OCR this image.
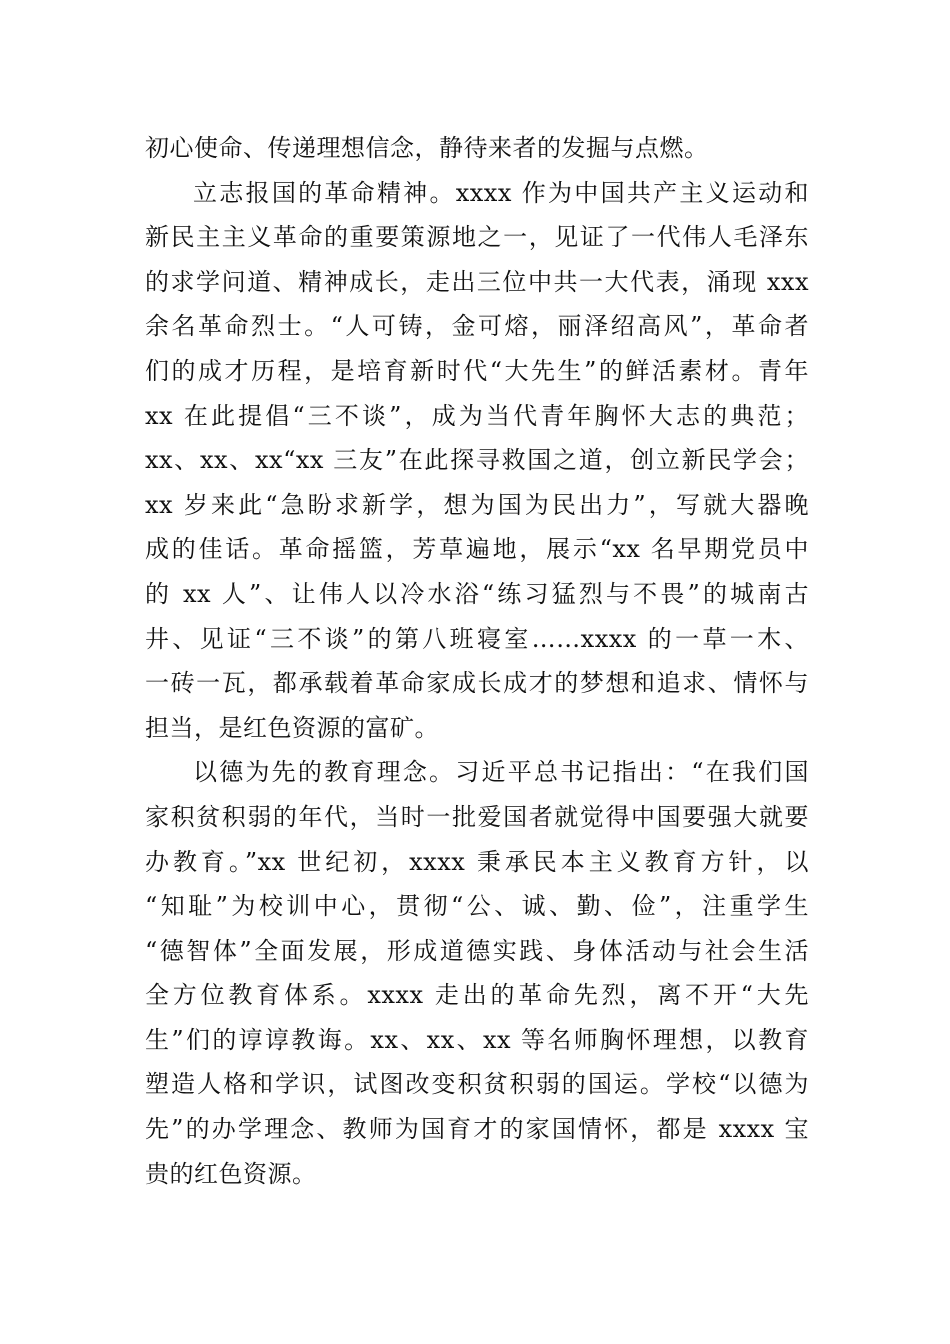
初心使命、传递理想信念，静待来者的发掘与点燃。
立志报国的革命精神。xxxx 作为中国共产主义运动和
新民主主义革命的重要策源地之一，见证了一代伟人毛泽东
的求学问道、精神成长，走出三位中共一大代表，涌现 xxx
余名革命烈士。“人可铸，金可熔，丽泽绍高风”，革命者
们的成才历程，是培育新时代“大先生”的鲜活素材。青年
xx 在此提倡“三不谈”，成为当代青年胸怀大志的典范；
xx、xx、xx“xx 三友”在此探寻救国之道，创立新民学会；
xx 岁来此“急盼求新学，想为国为民出力”，写就大器晚
成的佳话。革命摇篮，芳草遍地，展示“xx 名早期党员中
的 xx 人”、让伟人以冷水浴“练习猛烈与不畏”的城南古
井、见证“三不谈”的第八班寝室……xxxx 的一草一木、
一砖一瓦，都承载着革命家成长成才的梦想和追求、情怀与
担当，是红色资源的富矿。
以德为先的教育理念。习近平总书记指出：“在我们国
家积贫积弱的年代，当时一批爱国者就觉得中国要强大就要
办教育。”xx 世纪初，xxxx 秉承民本主义教育方针，以
“知耻”为校训中心，贯彻“公、诚、勤、俭”，注重学生
“德智体”全面发展，形成道德实践、身体活动与社会生活
全方位教育体系。xxxx 走出的革命先烈，离不开“大先
生”们的谆谆教诲。xx、xx、xx 等名师胸怀理想，以教育
塑造人格和学识，试图改变积贫积弱的国运。学校“以德为
先”的办学理念、教师为国育才的家国情怀，都是 xxxx 宝
贵的红色资源。
